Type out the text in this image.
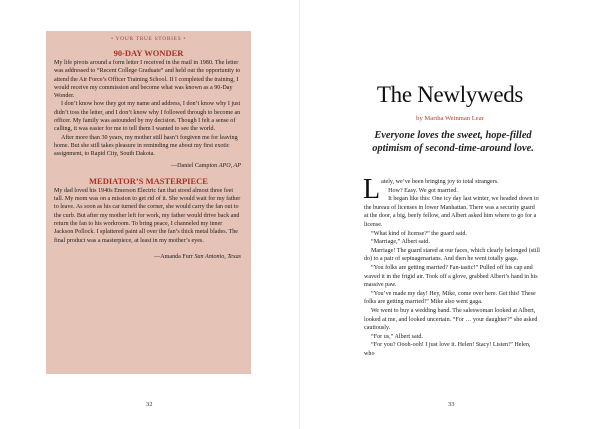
• YOUR TRUE STORIES •
90-DAY WONDER

My life pivots around a form letter I received in the mail in 1980. The letter was addressed to “Recent College Graduate” and held out the opportunity to attend the Air Force’s Officer Training School. If I completed the training, I would receive my commission and become what was known as a 90-Day Wonder.

I don’t know how they got my name and address, I don’t know why I just didn’t toss the letter, and I don’t know why I followed through to become an officer. My family was astounded by my decision. Though I felt a sense of calling, it was easier for me to tell them I wanted to see the world.

After more than 30 years, my mother still hasn’t forgiven me for leaving home. But she still takes pleasure in reminding me about my first exotic assignment, to Rapid City, South Dakota.

—Daniel Campion APO, AP

MEDIATOR’S MASTERPIECE

My dad loved his 1940s Emerson Electric fan that stood almost three feet tall. My mom was on a mission to get rid of it. She would wait for my father to leave. As soon as his car turned the corner, she would carry the fan out to the curb. But after my mother left for work, my father would drive back and return the fan to his workroom. To bring peace, I channeled my inner Jackson Pollock. I splattered paint all over the fan’s thick metal blades. The final product was a masterpiece, at least in my mother’s eyes.

—Amanda Furr San Antonio, Texas

32
The Newlyweds
by Martha Weinman Lear
Everyone loves the sweet, hope-filled optimism of second-time-around love.

Lately, we’ve been bringing joy to total strangers.

How? Easy. We got married.

It began like this: One icy day last winter, we headed down to the bureau of licenses in lower Manhattan. There was a security guard at the door, a big, beefy fellow, and Albert asked him where to go for a license.

“What kind of license?” the guard said.

“Marriage,” Albert said.

Marriage! The guard stared at our faces, which clearly belonged (still do) to a pair of septuagenarians. And then he went totally gaga.

“You folks are getting married? Fan-tastic!” Pulled off his cap and waved it in the frigid air. Took off a glove, grabbed Albert’s hand in his massive paw.

“You’ve made my day! Hey, Mike, come over here. Get this! These folks are getting married!” Mike also went gaga.

We went to buy a wedding band. The saleswoman looked at Albert, looked at me, and looked uncertain. “For … your daughter?” she asked cautiously.

“For us,” Albert said.

“For you? Oooh-ooh! I just love it. Helen! Stacy! Listen!” Helen, who

33
